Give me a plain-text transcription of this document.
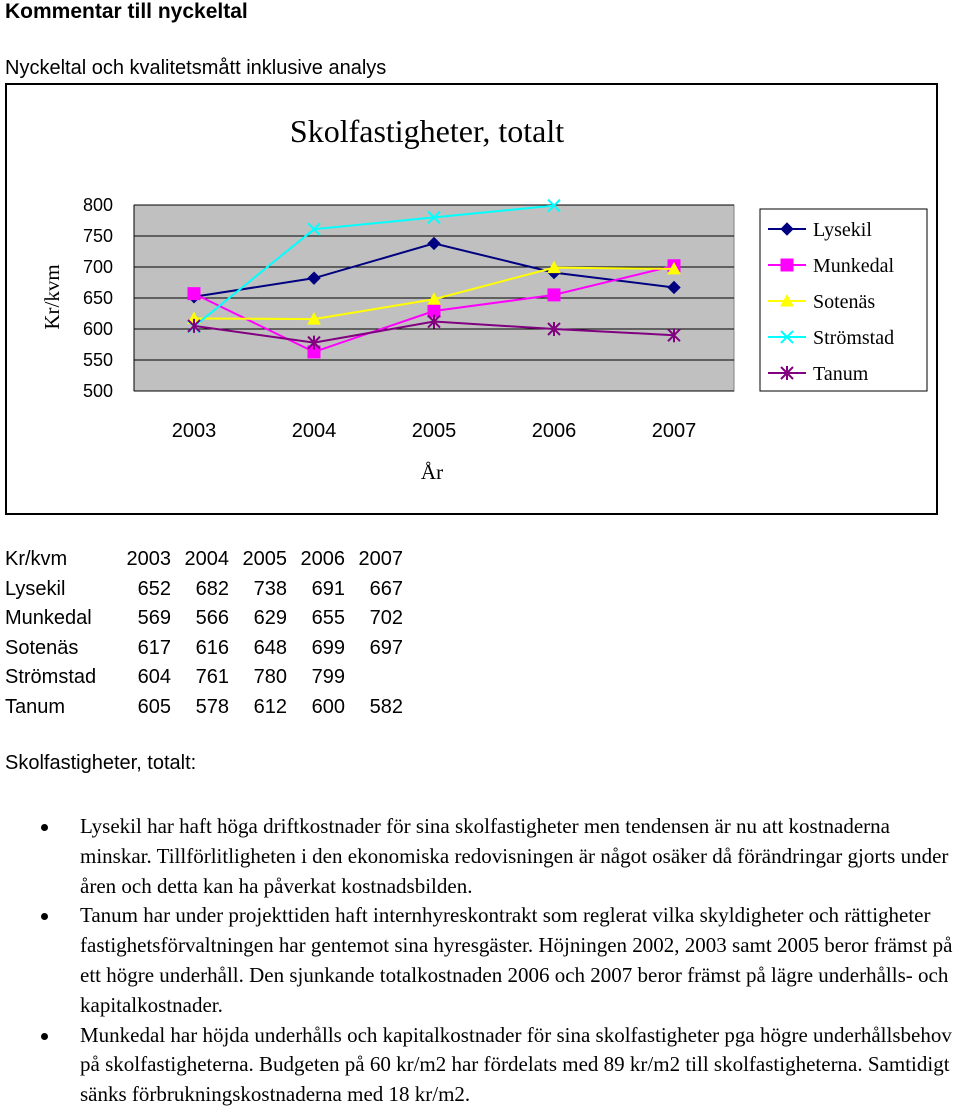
Kommentar till nyckeltal
Nyckeltal och kvalitetsmått inklusive analys
Skolfastigheter, totalt
800
750
700
650
600
550
500
2003	2004	2005	2006	2007
År
Kr/kvm
Lysekil
Munkedal
Sotenäs
Strömstad
Tanum
Kr/kvm	2003	2004	2005	2006	2007
Lysekil	652	682	738	691	667
Munkedal	569	566	629	655	702
Sotenäs	617	616	648	699	697
Strömstad	604	761	780	799	
Tanum	605	578	612	600	582
Skolfastigheter, totalt:
Lysekil har haft höga driftkostnader för sina skolfastigheter men tendensen är nu att kostnaderna minskar. Tillförlitligheten i den ekonomiska redovisningen är något osäker då förändringar gjorts under åren och detta kan ha påverkat kostnadsbilden.
Tanum har under projekttiden haft internhyreskontrakt som reglerat vilka skyldigheter och rättigheter fastighetsförvaltningen har gentemot sina hyresgäster. Höjningen 2002, 2003 samt 2005 beror främst på ett högre underhåll. Den sjunkande totalkostnaden 2006 och 2007 beror främst på lägre underhålls- och kapitalkostnader.
Munkedal har höjda underhålls och kapitalkostnader för sina skolfastigheter pga högre underhållsbehov på skolfastigheterna. Budgeten på 60 kr/m2 har fördelats med 89 kr/m2 till skolfastigheterna. Samtidigt sänks förbrukningskostnaderna med 18 kr/m2.
